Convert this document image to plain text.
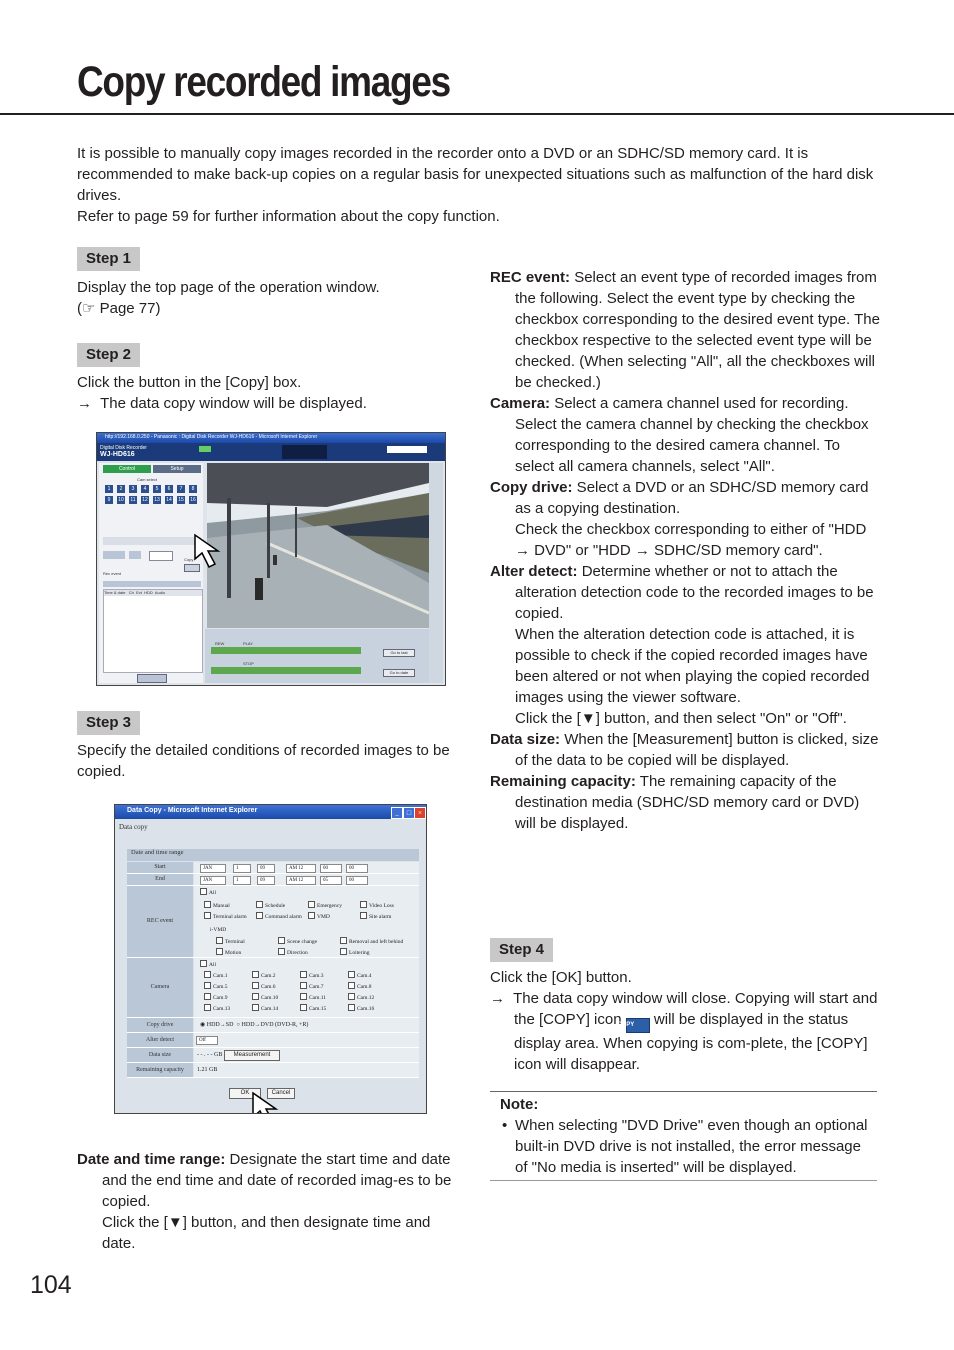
Copy recorded images
It is possible to manually copy images recorded in the recorder onto a DVD or an SDHC/SD memory card. It is recommended to make back-up copies on a regular basis for unexpected situations such as malfunction of the hard disk drives.
Refer to page 59 for further information about the copy function.
Step 1
Display the top page of the operation window.
(☞ Page 77)
Step 2
Click the button in the [Copy] box.
→  The data copy window will be displayed.
http://192.168.0.250 - Panasonic : Digital Disk Recorder WJ-HD616 - Microsoft Internet Explorer
Digital Disk Recorder
WJ-HD616
Control	Setup
Cam select
1	2	3	4	5	6	7	8
9	10 11 12 13 14 15 16
Copy
Rec event
Time & date Ch Evt HDD Audio
REW	PLAY
STOP
Go to last
Go to date
Step 3
Specify the detailed conditions of recorded images to be copied.
Data Copy - Microsoft Internet Explorer	_	□ ×
Data copy
Date and time range
Start	JAN	1	09	AM 12	00	00
End	JAN	1	09	AM 12	05	00
REC event
All
i-VMD
Manual	Schedule	Emergency	Video Loss
Terminal alarm	Command alarm	VMD	Site alarm
Terminal	Scene change	Removal and left behind
Motion	Direction	Loitering
Camera
All
Cam.1	Cam.2	Cam.3	Cam.4
Cam.5	Cam.6	Cam.7	Cam.8
Cam.9	Cam.10	Cam.11	Cam.12
Cam.13	Cam.14	Cam.15	Cam.16
Copy drive	◉ HDD→SD ○ HDD→DVD (DVD-R, +R)
Alter detect	Off
Data size	- - . - - GB	Measurement
Remaining capacity	1.21 GB
OK	Cancel
Date and time range: Designate the start time and date and the end time and date of recorded imag-es to be copied.
Click the [▼] button, and then designate time and date.
REC event: Select an event type of recorded images from the following. Select the event type by checking the checkbox corresponding to the desired event type. The checkbox respective to the selected event type will be checked. (When selecting "All", all the checkboxes will be checked.)
Camera: Select a camera channel used for recording. Select the camera channel by checking the checkbox corresponding to the desired camera channel. To select all camera channels, select "All".
Copy drive: Select a DVD or an SDHC/SD memory card as a copying destination.
Check the checkbox corresponding to either of "HDD → DVD" or "HDD → SDHC/SD memory card".
Alter detect: Determine whether or not to attach the alteration detection code to the recorded images to be copied.
When the alteration detection code is attached, it is possible to check if the copied recorded images have been altered or not when playing the copied recorded images using the viewer software.
Click the [▼] button, and then select "On" or "Off".
Data size: When the [Measurement] button is clicked, size of the data to be copied will be displayed.
Remaining capacity: The remaining capacity of the destination media (SDHC/SD memory card or DVD) will be displayed.
Step 4
Click the [OK] button.
→  The data copy window will close. Copying will start and the [COPY] icon COPY will be displayed in the status display area. When copying is com-plete, the [COPY] icon will disappear.
Note:
• When selecting "DVD Drive" even though an optional built-in DVD drive is not installed, the error message of "No media is inserted" will be displayed.
104
